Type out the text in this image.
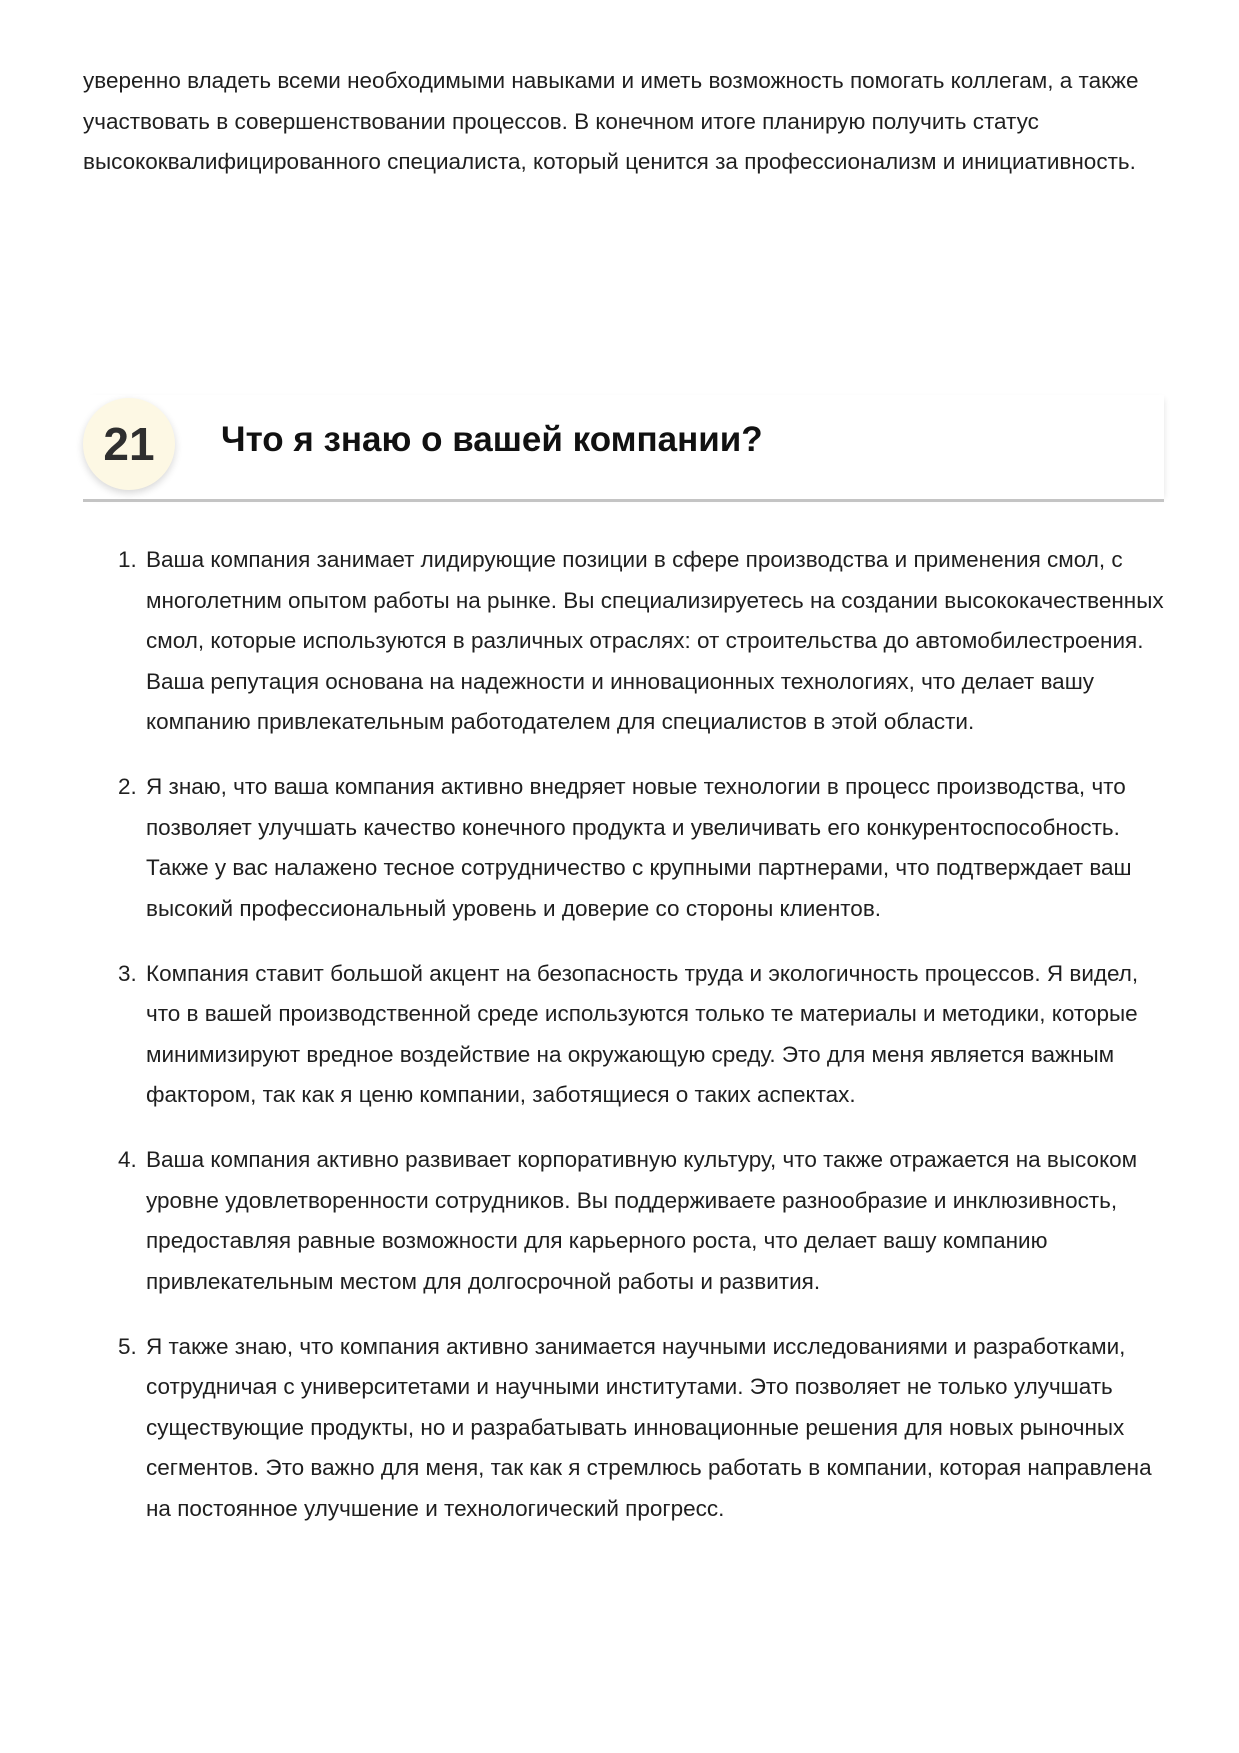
уверенно владеть всеми необходимыми навыками и иметь возможность помогать коллегам, а также участвовать в совершенствовании процессов. В конечном итоге планирую получить статус высококвалифицированного специалиста, который ценится за профессионализм и инициативность.

21	Что я знаю о вашей компании?
1. Ваша компания занимает лидирующие позиции в сфере производства и применения смол, с многолетним опытом работы на рынке. Вы специализируетесь на создании высококачественных смол, которые используются в различных отраслях: от строительства до автомобилестроения. Ваша репутация основана на надежности и инновационных технологиях, что делает вашу компанию привлекательным работодателем для специалистов в этой области.
2. Я знаю, что ваша компания активно внедряет новые технологии в процесс производства, что позволяет улучшать качество конечного продукта и увеличивать его конкурентоспособность. Также у вас налажено тесное сотрудничество с крупными партнерами, что подтверждает ваш высокий профессиональный уровень и доверие со стороны клиентов.
3. Компания ставит большой акцент на безопасность труда и экологичность процессов. Я видел, что в вашей производственной среде используются только те материалы и методики, которые минимизируют вредное воздействие на окружающую среду. Это для меня является важным фактором, так как я ценю компании, заботящиеся о таких аспектах.
4. Ваша компания активно развивает корпоративную культуру, что также отражается на высоком уровне удовлетворенности сотрудников. Вы поддерживаете разнообразие и инклюзивность, предоставляя равные возможности для карьерного роста, что делает вашу компанию привлекательным местом для долгосрочной работы и развития.
5. Я также знаю, что компания активно занимается научными исследованиями и разработками, сотрудничая с университетами и научными институтами. Это позволяет не только улучшать существующие продукты, но и разрабатывать инновационные решения для новых рыночных сегментов. Это важно для меня, так как я стремлюсь работать в компании, которая направлена на постоянное улучшение и технологический прогресс.
